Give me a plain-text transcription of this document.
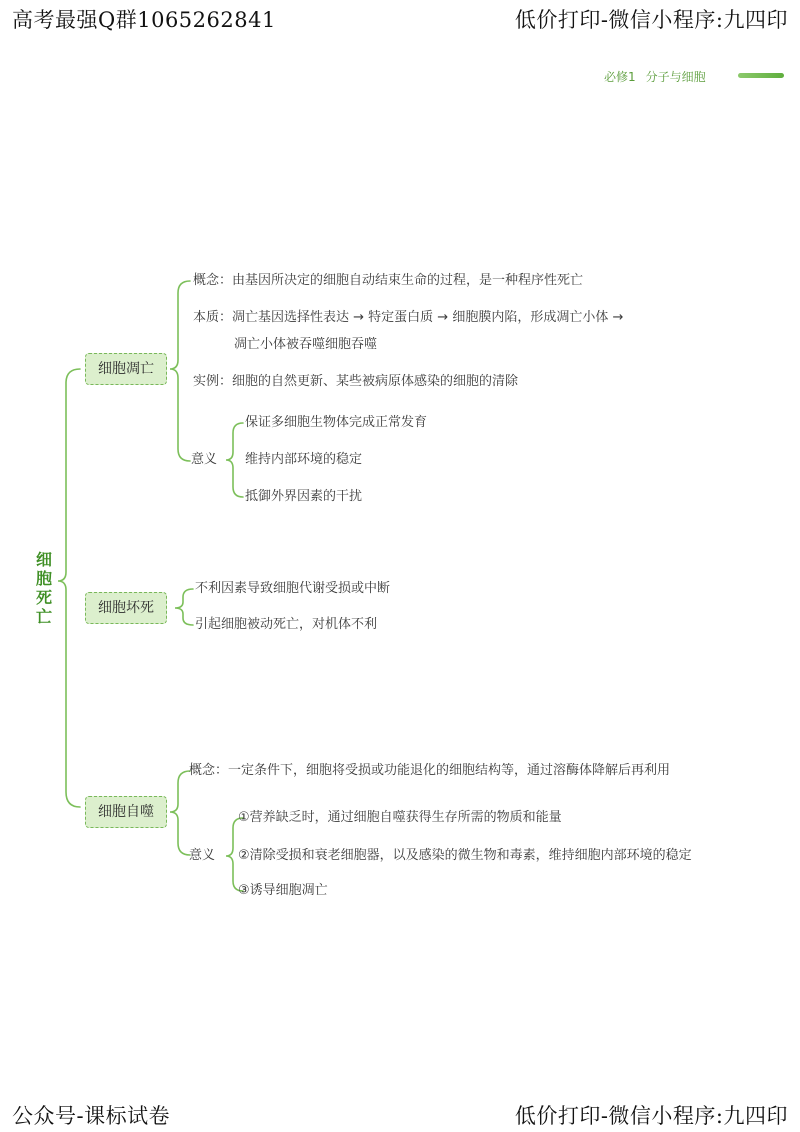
高考最强Q群1065262841	低价打印-微信小程序:九四印
公众号-课标试卷	低价打印-微信小程序:九四印
必修1 分子与细胞
细胞死亡
细胞凋亡
细胞坏死
细胞自噬
概念：由基因所决定的细胞自动结束生命的过程，是一种程序性死亡
本质：凋亡基因选择性表达 → 特定蛋白质 → 细胞膜内陷，形成凋亡小体 →
凋亡小体被吞噬细胞吞噬
实例：细胞的自然更新、某些被病原体感染的细胞的清除
意义
保证多细胞生物体完成正常发育
维持内部环境的稳定
抵御外界因素的干扰
不利因素导致细胞代谢受损或中断
引起细胞被动死亡，对机体不利
概念：一定条件下，细胞将受损或功能退化的细胞结构等，通过溶酶体降解后再利用
意义
①营养缺乏时，通过细胞自噬获得生存所需的物质和能量
②清除受损和衰老细胞器，以及感染的微生物和毒素，维持细胞内部环境的稳定
③诱导细胞凋亡
